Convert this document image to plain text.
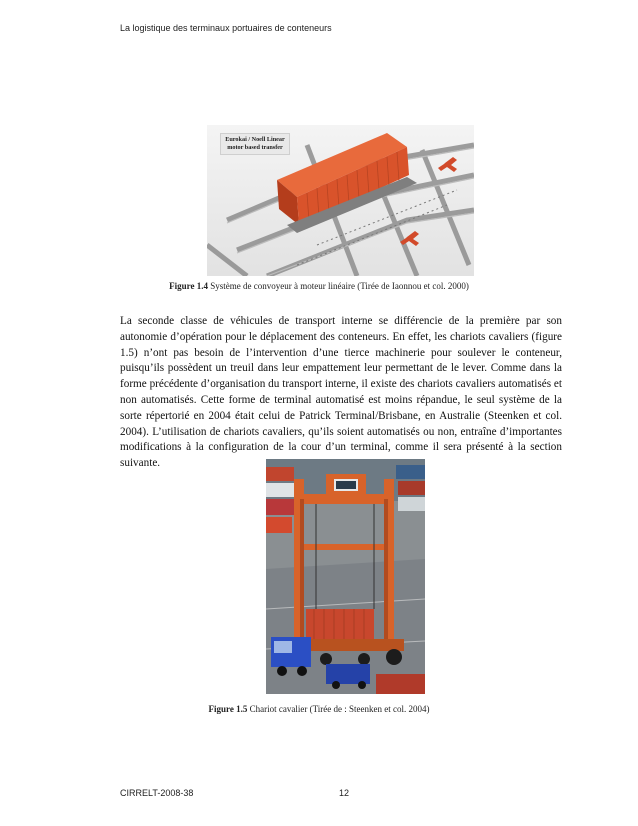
La logistique des terminaux portuaires de conteneurs
Eurokai / Noell Linear motor based transfer
Figure 1.4 Système de convoyeur à moteur linéaire (Tirée de Iaonnou et col. 2000)

La seconde classe de véhicules de transport interne se différencie de la première par son autonomie d’opération pour le déplacement des conteneurs. En effet, les chariots cavaliers (figure 1.5) n’ont pas besoin de l’intervention d’une tierce machinerie pour soulever le conteneur, puisqu’ils possèdent un treuil dans leur empattement leur permettant de le lever. Comme dans la forme précédente d’organisation du transport interne, il existe des chariots cavaliers automatisés et non automatisés. Cette forme de terminal automatisé est moins répandue, le seul système de la sorte répertorié en 2004 était celui de Patrick Terminal/Brisbane, en Australie (Steenken et col. 2004). L’utilisation de chariots cavaliers, qu’ils soient automatisés ou non, entraîne d’importantes modifications à la configuration de la cour d’un terminal, comme il sera présenté à la section suivante.

Figure 1.5 Chariot cavalier (Tirée de : Steenken et col. 2004)
CIRRELT-2008-38	12
